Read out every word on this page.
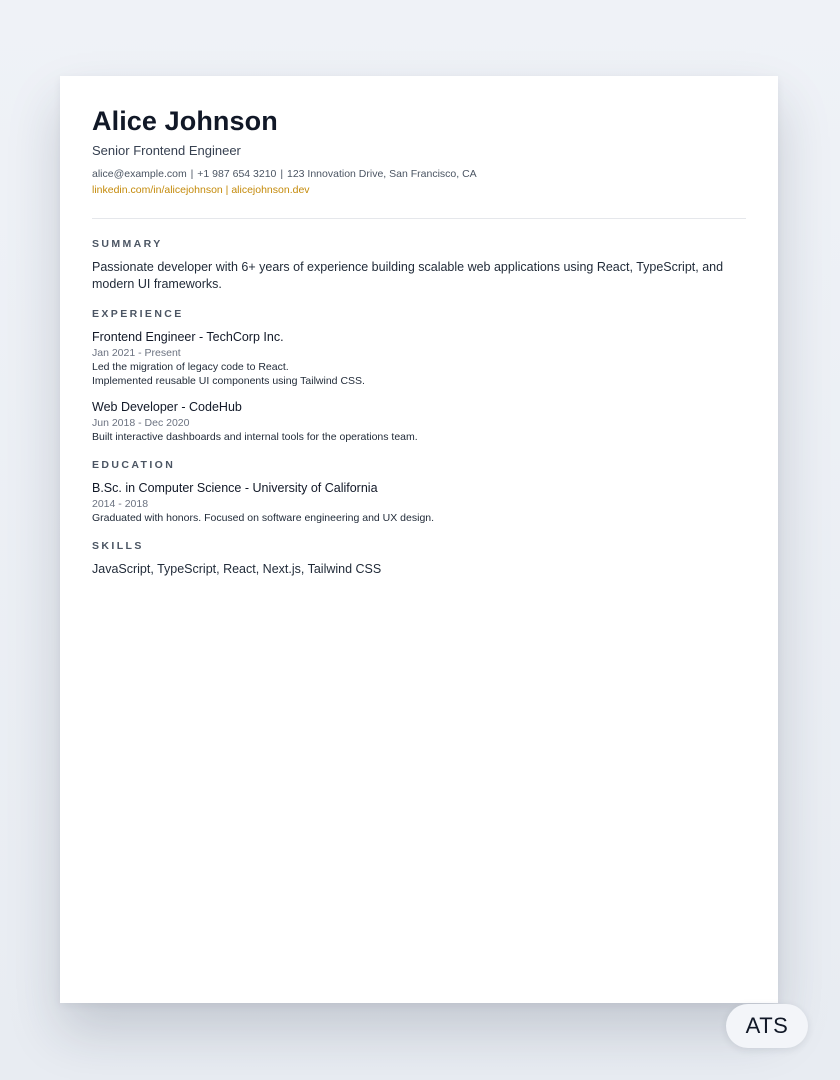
Alice Johnson
Senior Frontend Engineer
alice@example.com | +1 987 654 3210 | 123 Innovation Drive, San Francisco, CA
linkedin.com/in/alicejohnson | alicejohnson.dev
SUMMARY
Passionate developer with 6+ years of experience building scalable web applications using React, TypeScript, and modern UI frameworks.
EXPERIENCE
Frontend Engineer - TechCorp Inc.
Jan 2021 - Present
Led the migration of legacy code to React.
Implemented reusable UI components using Tailwind CSS.
Web Developer - CodeHub
Jun 2018 - Dec 2020
Built interactive dashboards and internal tools for the operations team.
EDUCATION
B.Sc. in Computer Science - University of California
2014 - 2018
Graduated with honors. Focused on software engineering and UX design.
SKILLS
JavaScript, TypeScript, React, Next.js, Tailwind CSS
ATS
